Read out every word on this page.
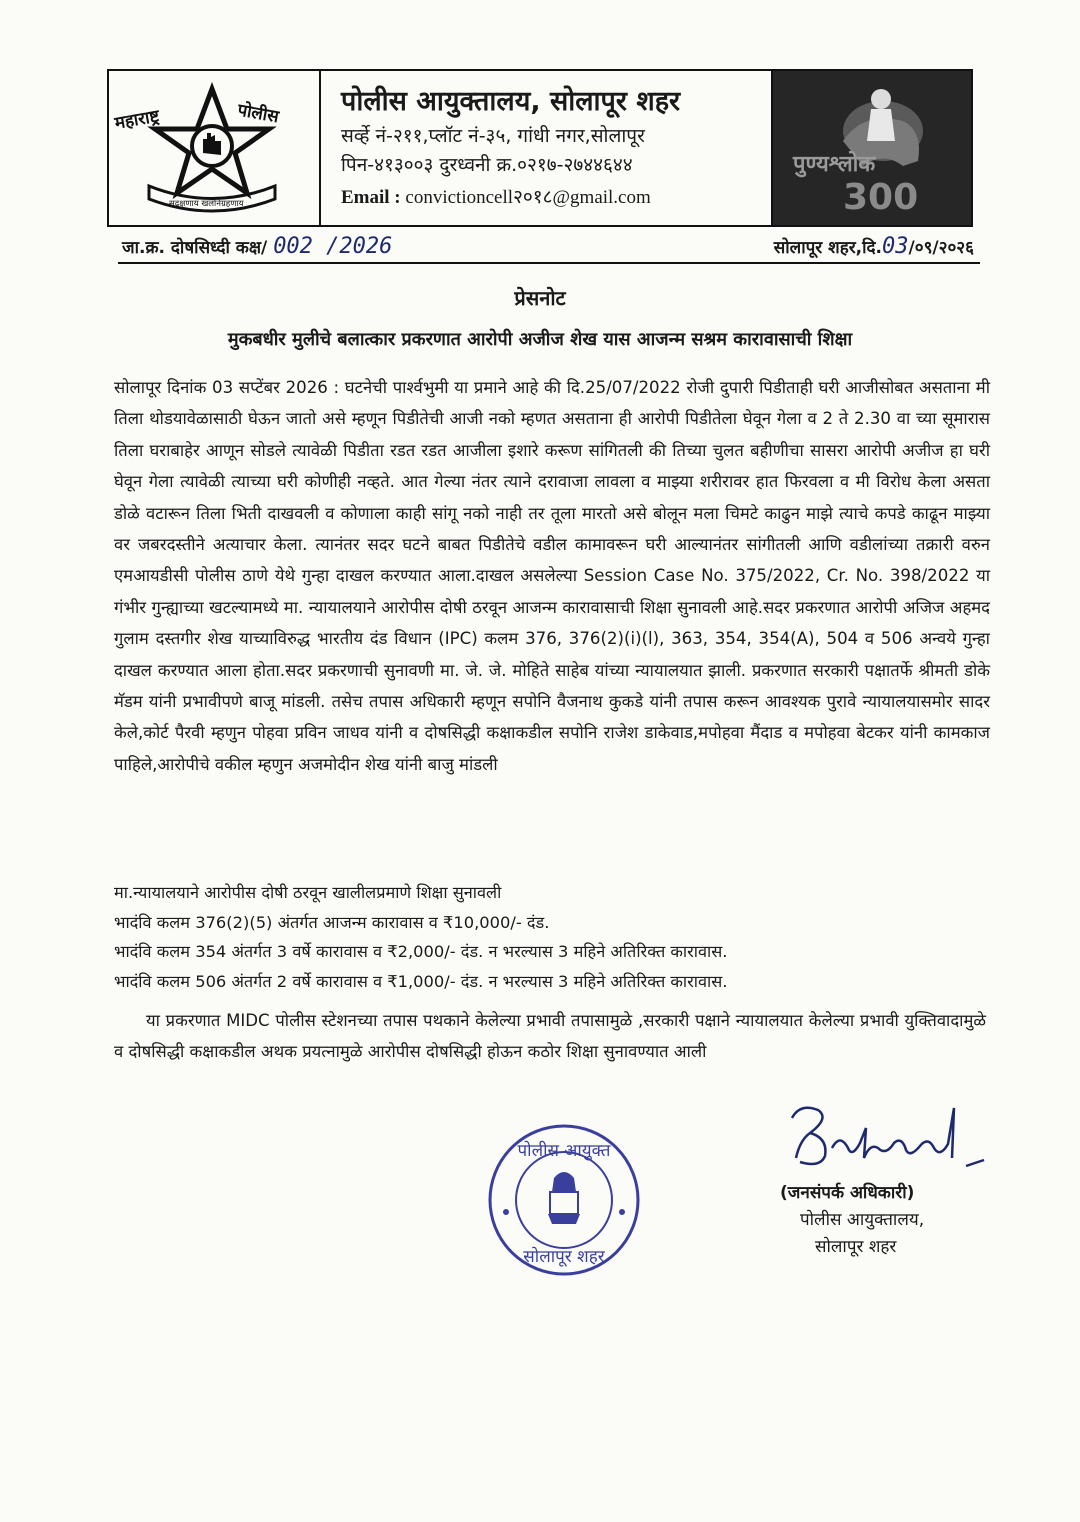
महाराष्ट्र	पोलीस
सद्रक्षणाय खलनिग्रहणाय
पोलीस आयुक्तालय, सोलापूर शहर
सर्व्हे नं-२११,प्लॉट नं-३५, गांधी नगर,सोलापूर
पिन-४१३००३ दुरध्वनी क्र.०२१७-२७४४६४४
Email : convictioncell२०१८@gmail.com
पुण्यश्लोक
300
जा.क्र. दोषसिध्दी कक्ष/ 002 /2026	सोलापूर शहर,दि.03/०९/२०२६
प्रेसनोट
मुकबधीर मुलीचे बलात्कार प्रकरणात आरोपी अजीज शेख यास आजन्म सश्रम कारावासाची शिक्षा

सोलापूर दिनांक 03 सप्टेंबर 2026 : घटनेची पार्श्वभुमी या प्रमाने आहे की दि.25/07/2022 रोजी दुपारी पिडीताही घरी आजीसोबत असताना मी तिला थोडयावेळासाठी घेऊन जातो असे म्हणून पिडीतेची आजी नको म्हणत असताना ही आरोपी पिडीतेला घेवून गेला व 2 ते 2.30 वा च्या सूमारास तिला घराबाहेर आणून सोडले त्यावेळी पिडीता रडत रडत आजीला इशारे करूण सांगितली की तिच्या चुलत बहीणीचा सासरा आरोपी अजीज हा घरी घेवून गेला त्यावेळी त्याच्या घरी कोणीही नव्हते. आत गेल्या नंतर त्याने दरावाजा लावला व माझ्या शरीरावर हात फिरवला व मी विरोध केला असता डोळे वटारून तिला भिती दाखवली व कोणाला काही सांगू नको नाही तर तूला मारतो असे बोलून मला चिमटे काढुन माझे त्याचे कपडे काढून माझ्या वर जबरदस्तीने अत्याचार केला. त्यानंतर सदर घटने बाबत पिडीतेचे वडील कामावरून घरी आल्यानंतर सांगीतली आणि वडीलांच्या तक्रारी वरुन एमआयडीसी पोलीस ठाणे येथे गुन्हा दाखल करण्यात आला.दाखल असलेल्या Session Case No. 375/2022, Cr. No. 398/2022 या गंभीर गुन्ह्याच्या खटल्यामध्ये मा. न्यायालयाने आरोपीस दोषी ठरवून आजन्म कारावासाची शिक्षा सुनावली आहे.सदर प्रकरणात आरोपी अजिज अहमद गुलाम दस्तगीर शेख याच्याविरुद्ध भारतीय दंड विधान (IPC) कलम 376, 376(2)(i)(l), 363, 354, 354(A), 504 व 506 अन्वये गुन्हा दाखल करण्यात आला होता.सदर प्रकरणाची सुनावणी मा. जे. जे. मोहिते साहेब यांच्या न्यायालयात झाली. प्रकरणात सरकारी पक्षातर्फे श्रीमती डोके मॅडम यांनी प्रभावीपणे बाजू मांडली. तसेच तपास अधिकारी म्हणून सपोनि वैजनाथ कुकडे यांनी तपास करून आवश्यक पुरावे न्यायालयासमोर सादर केले,कोर्ट पैरवी म्हणुन पोहवा प्रविन जाधव यांनी व दोषसिद्धी कक्षाकडील सपोनि राजेश डाकेवाड,मपोहवा मैंदाड व मपोहवा बेटकर यांनी कामकाज पाहिले,आरोपीचे वकील म्हणुन अजमोदीन शेख यांनी बाजु मांडली

मा.न्यायालयाने आरोपीस दोषी ठरवून खालीलप्रमाणे शिक्षा सुनावली
भादंवि कलम 376(2)(5) अंतर्गत आजन्म कारावास व ₹10,000/- दंड.
भादंवि कलम 354 अंतर्गत 3 वर्षे कारावास व ₹2,000/- दंड. न भरल्यास 3 महिने अतिरिक्त कारावास.
भादंवि कलम 506 अंतर्गत 2 वर्षे कारावास व ₹1,000/- दंड. न भरल्यास 3 महिने अतिरिक्त कारावास.
या प्रकरणात MIDC पोलीस स्टेशनच्या तपास पथकाने केलेल्या प्रभावी तपासामुळे ,सरकारी पक्षाने न्यायालयात केलेल्या प्रभावी युक्तिवादामुळे व दोषसिद्धी कक्षाकडील अथक प्रयत्नामुळे आरोपीस दोषसिद्धी होऊन कठोर शिक्षा सुनावण्यात आली
पोलीस आयुक्त
सोलापूर शहर
(जनसंपर्क अधिकारी)
पोलीस आयुक्तालय,
सोलापूर शहर
